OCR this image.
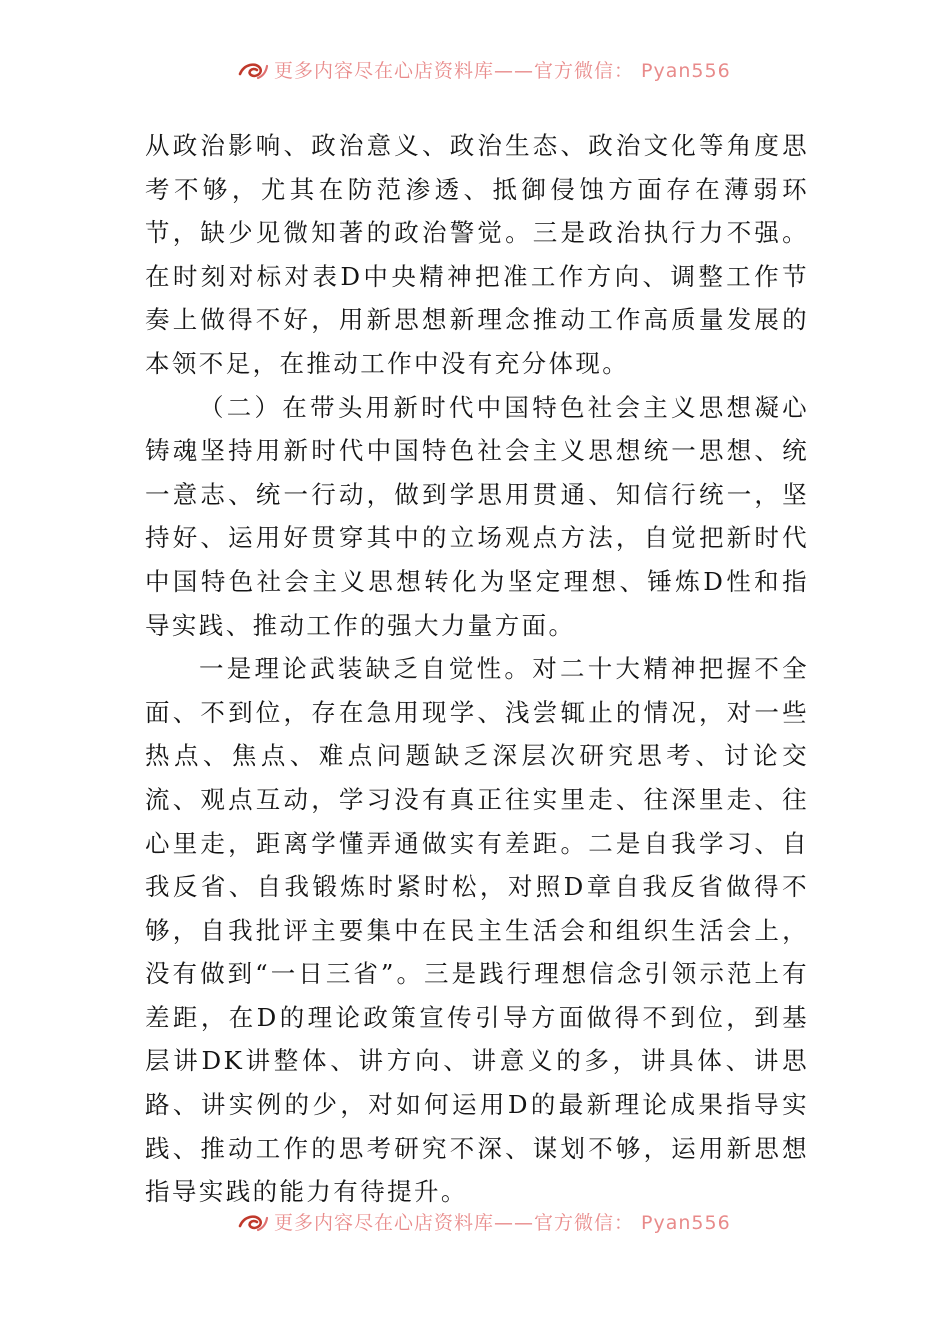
更多内容尽在心店资料库——官方微信： Pyan556

从政治影响、政治意义、政治生态、政治文化等角度思考不够，尤其在防范渗透、抵御侵蚀方面存在薄弱环节，缺少见微知著的政治警觉。三是政治执行力不强。在时刻对标对表D中央精神把准工作方向、调整工作节奏上做得不好，用新思想新理念推动工作高质量发展的本领不足，在推动工作中没有充分体现。

（二）在带头用新时代中国特色社会主义思想凝心铸魂坚持用新时代中国特色社会主义思想统一思想、统一意志、统一行动，做到学思用贯通、知信行统一，坚持好、运用好贯穿其中的立场观点方法，自觉把新时代中国特色社会主义思想转化为坚定理想、锤炼D性和指导实践、推动工作的强大力量方面。

一是理论武装缺乏自觉性。对二十大精神把握不全面、不到位，存在急用现学、浅尝辄止的情况，对一些热点、焦点、难点问题缺乏深层次研究思考、讨论交流、观点互动，学习没有真正往实里走、往深里走、往心里走，距离学懂弄通做实有差距。二是自我学习、自我反省、自我锻炼时紧时松，对照D章自我反省做得不够，自我批评主要集中在民主生活会和组织生活会上，没有做到“一日三省”。三是践行理想信念引领示范上有差距，在D的理论政策宣传引导方面做得不到位，到基层讲DK讲整体、讲方向、讲意义的多，讲具体、讲思路、讲实例的少，对如何运用D的最新理论成果指导实践、推动工作的思考研究不深、谋划不够，运用新思想指导实践的能力有待提升。

更多内容尽在心店资料库——官方微信： Pyan556
